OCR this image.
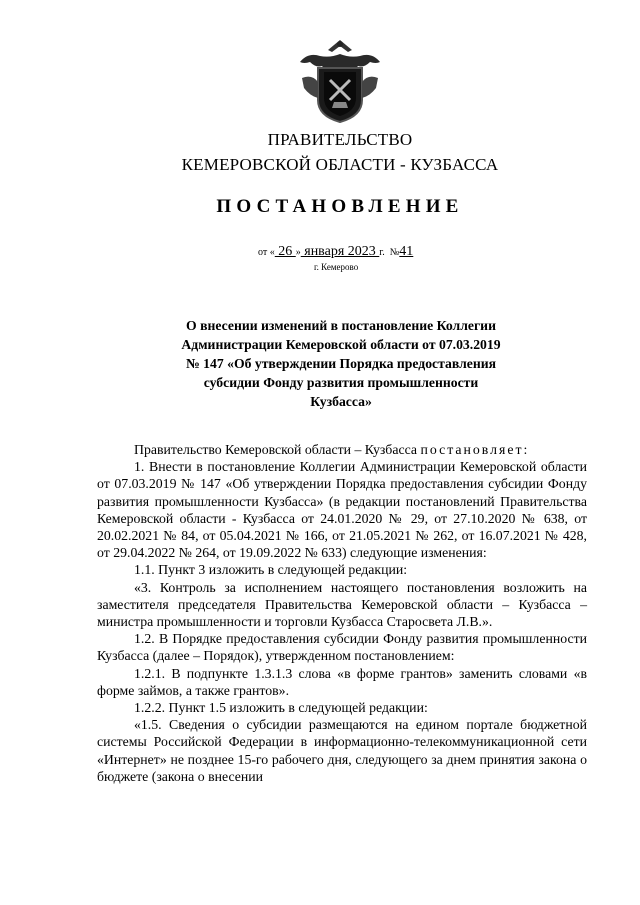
ПРАВИТЕЛЬСТВО
КЕМЕРОВСКОЙ ОБЛАСТИ - КУЗБАССА
ПОСТАНОВЛЕНИЕ
от « 26 » января 2023 г. №41
г. Кемерово
О внесении изменений в постановление Коллегии
Администрации Кемеровской области от 07.03.2019
№ 147 «Об утверждении Порядка предоставления
субсидии Фонду развития промышленности
Кузбасса»

Правительство Кемеровской области – Кузбасса постановляет:

1. Внести в постановление Коллегии Администрации Кемеровской области от 07.03.2019 № 147 «Об утверждении Порядка предоставления субсидии Фонду развития промышленности Кузбасса» (в редакции постановлений Правительства Кемеровской области - Кузбасса от 24.01.2020 № 29, от 27.10.2020 № 638, от 20.02.2021 № 84, от 05.04.2021 № 166, от 21.05.2021 № 262, от 16.07.2021 № 428, от 29.04.2022 № 264, от 19.09.2022 № 633) следующие изменения:

1.1. Пункт 3 изложить в следующей редакции:

«3. Контроль за исполнением настоящего постановления возложить на заместителя председателя Правительства Кемеровской области – Кузбасса – министра промышленности и торговли Кузбасса Старосвета Л.В.».

1.2. В Порядке предоставления субсидии Фонду развития промышленности Кузбасса (далее – Порядок), утвержденном постановлением:

1.2.1. В подпункте 1.3.1.3 слова «в форме грантов» заменить словами «в форме займов, а также грантов».

1.2.2. Пункт 1.5 изложить в следующей редакции:

«1.5. Сведения о субсидии размещаются на едином портале бюджетной системы Российской Федерации в информационно-телекоммуникационной сети «Интернет» не позднее 15-го рабочего дня, следующего за днем принятия закона о бюджете (закона о внесении
